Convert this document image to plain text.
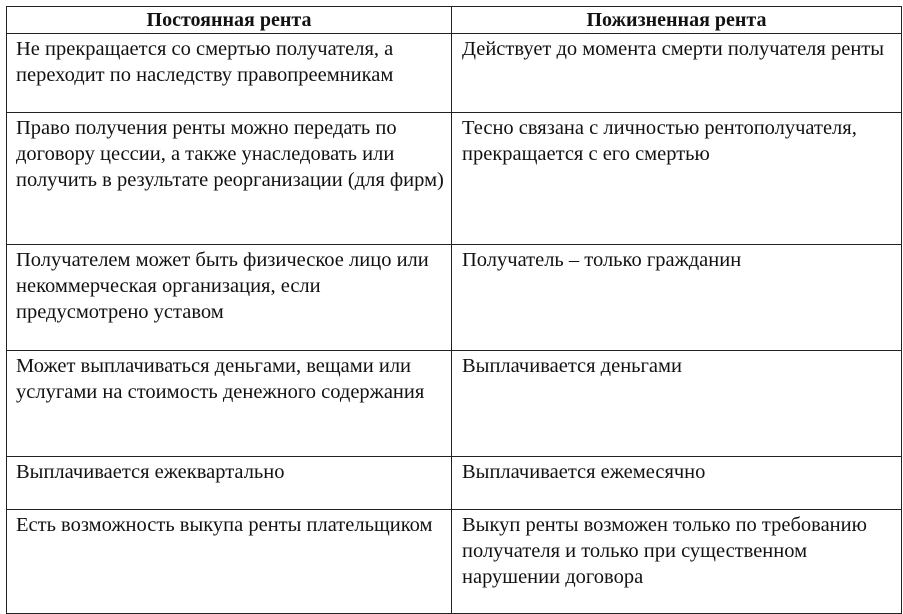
Постоянная рента	Пожизненная рента
Не прекращается со смертью получателя, а переходит по наследству правопреемникам	Действует до момента смерти получателя ренты
Право получения ренты можно передать по договору цессии, а также унаследовать или получить в результате реорганизации (для фирм)	Тесно связана с личностью рентополучателя, прекращается с его смертью
Получателем может быть физическое лицо или некоммерческая организация, если предусмотрено уставом	Получатель – только гражданин
Может выплачиваться деньгами, вещами или услугами на стоимость денежного содержания	Выплачивается деньгами
Выплачивается ежеквартально	Выплачивается ежемесячно
Есть возможность выкупа ренты плательщиком	Выкуп ренты возможен только по требованию получателя и только при существенном нарушении договора
